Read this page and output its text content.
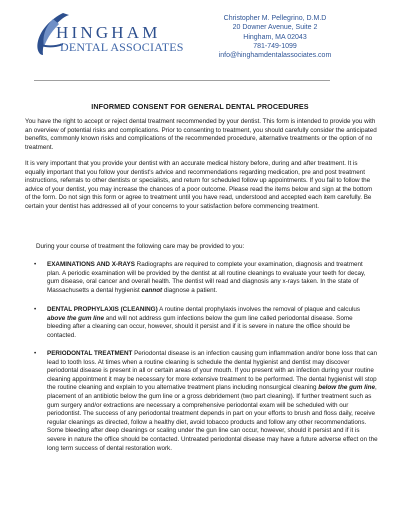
HINGHAM
DENTAL ASSOCIATES
Christopher M. Pellegrino, D.M.D
20 Downer Avenue, Suite 2
Hingham, MA 02043
781-749-1099
info@hinghamdentalassociates.com
INFORMED CONSENT FOR GENERAL DENTAL PROCEDURES
You have the right to accept or reject dental treatment recommended by your dentist. This form is intended to provide you with an overview of potential risks and complications. Prior to consenting to treatment, you should carefully consider the anticipated benefits, commonly known risks and complications of the recommended procedure, alternative treatments or the option of no treatment.
It is very important that you provide your dentist with an accurate medical history before, during and after treatment. It is equally important that you follow your dentist's advice and recommendations regarding medication, pre and post treatment instructions, referrals to other dentists or specialists, and return for scheduled follow up appointments. If you fail to follow the advice of your dentist, you may increase the chances of a poor outcome. Please read the items below and sign at the bottom of the form. Do not sign this form or agree to treatment until you have read, understood and accepted each item carefully. Be certain your dentist has addressed all of your concerns to your satisfaction before commencing treatment.
During your course of treatment the following care may be provided to you:
•	EXAMINATIONS AND X-RAYS Radiographs are required to complete your examination, diagnosis and treatment plan. A periodic examination will be provided by the dentist at all routine cleanings to evaluate your teeth for decay, gum disease, oral cancer and overall health. The dentist will read and diagnosis any x-rays taken. In the state of Massachusetts a dental hygienist cannot diagnose a patient.
•	DENTAL PROPHYLAXIS (CLEANING) A routine dental prophylaxis involves the removal of plaque and calculus above the gum line and will not address gum infections below the gum line called periodontal disease. Some bleeding after a cleaning can occur, however, should it persist and if it is severe in nature the office should be contacted.
•	PERIODONTAL TREATMENT Periodontal disease is an infection causing gum inflammation and/or bone loss that can lead to tooth loss. At times when a routine cleaning is schedule the dental hygienist and dentist may discover periodontal disease is present in all or certain areas of your mouth. If you present with an infection during your routine cleaning appointment it may be necessary for more extensive treatment to be performed. The dental hygienist will stop the routine cleaning and explain to you alternative treatment plans including nonsurgical cleaning below the gum line, placement of an antibiotic below the gum line or a gross debridement (two part cleaning). If further treatment such as gum surgery and/or extractions are necessary a comprehensive periodontal exam will be scheduled with our periodontist. The success of any periodontal treatment depends in part on your efforts to brush and floss daily, receive regular cleanings as directed, follow a healthy diet, avoid tobacco products and follow any other recommendations. Some bleeding after deep cleanings or scaling under the gun line can occur, however, should it persist and if it is severe in nature the office should be contacted. Untreated periodontal disease may have a future adverse effect on the long term success of dental restoration work.
